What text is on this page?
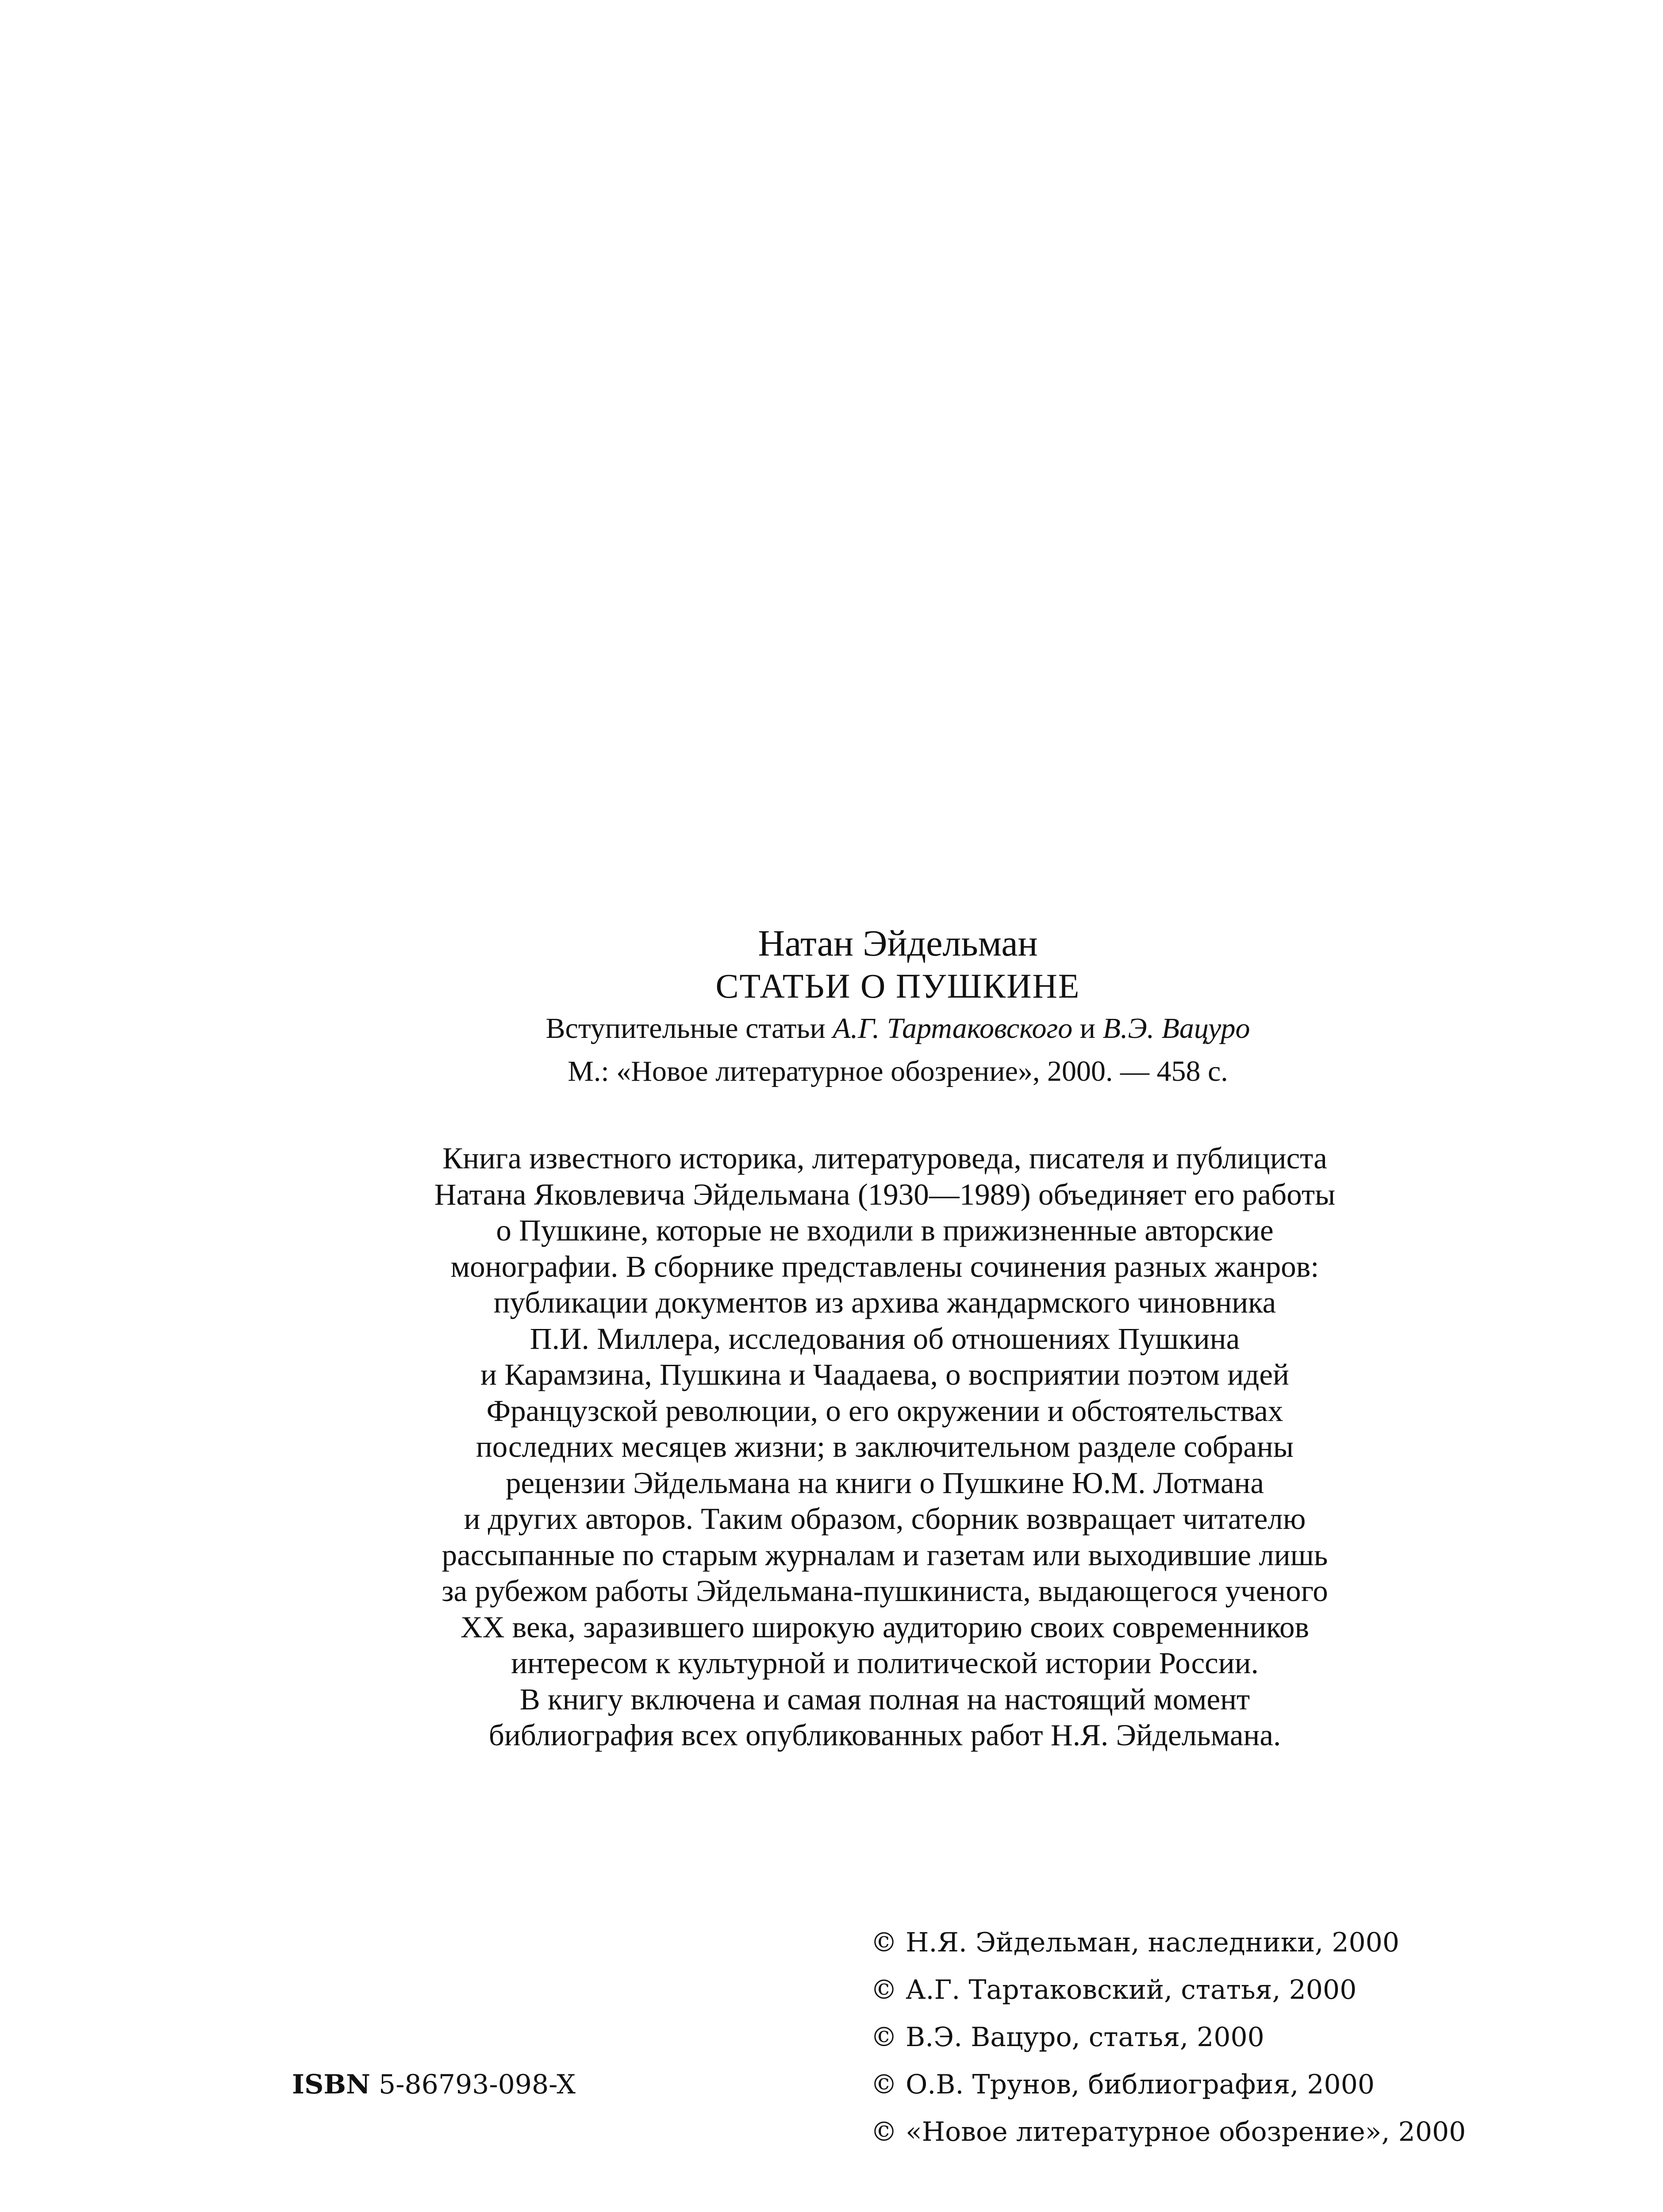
Натан Эйдельман
СТАТЬИ О ПУШКИНЕ
Вступительные статьи А.Г. Тартаковского и В.Э. Вацуро
М.: «Новое литературное обозрение», 2000. — 458 с.
Книга известного историка, литературоведа, писателя и публициста
Натана Яковлевича Эйдельмана (1930—1989) объединяет его работы
о Пушкине, которые не входили в прижизненные авторские
монографии. В сборнике представлены сочинения разных жанров:
публикации документов из архива жандармского чиновника
П.И. Миллера, исследования об отношениях Пушкина
и Карамзина, Пушкина и Чаадаева, о восприятии поэтом идей
Французской революции, о его окружении и обстоятельствах
последних месяцев жизни; в заключительном разделе собраны
рецензии Эйдельмана на книги о Пушкине Ю.М. Лотмана
и других авторов. Таким образом, сборник возвращает читателю
рассыпанные по старым журналам и газетам или выходившие лишь
за рубежом работы Эйдельмана-пушкиниста, выдающегося ученого
XX века, заразившего широкую аудиторию своих современников
интересом к культурной и политической истории России.
В книгу включена и самая полная на настоящий момент
библиография всех опубликованных работ Н.Я. Эйдельмана.
© Н.Я. Эйдельман, наследники, 2000
© А.Г. Тартаковский, статья, 2000
© В.Э. Вацуро, статья, 2000
© О.В. Трунов, библиография, 2000
© «Новое литературное обозрение», 2000
ISBN 5-86793-098-X
